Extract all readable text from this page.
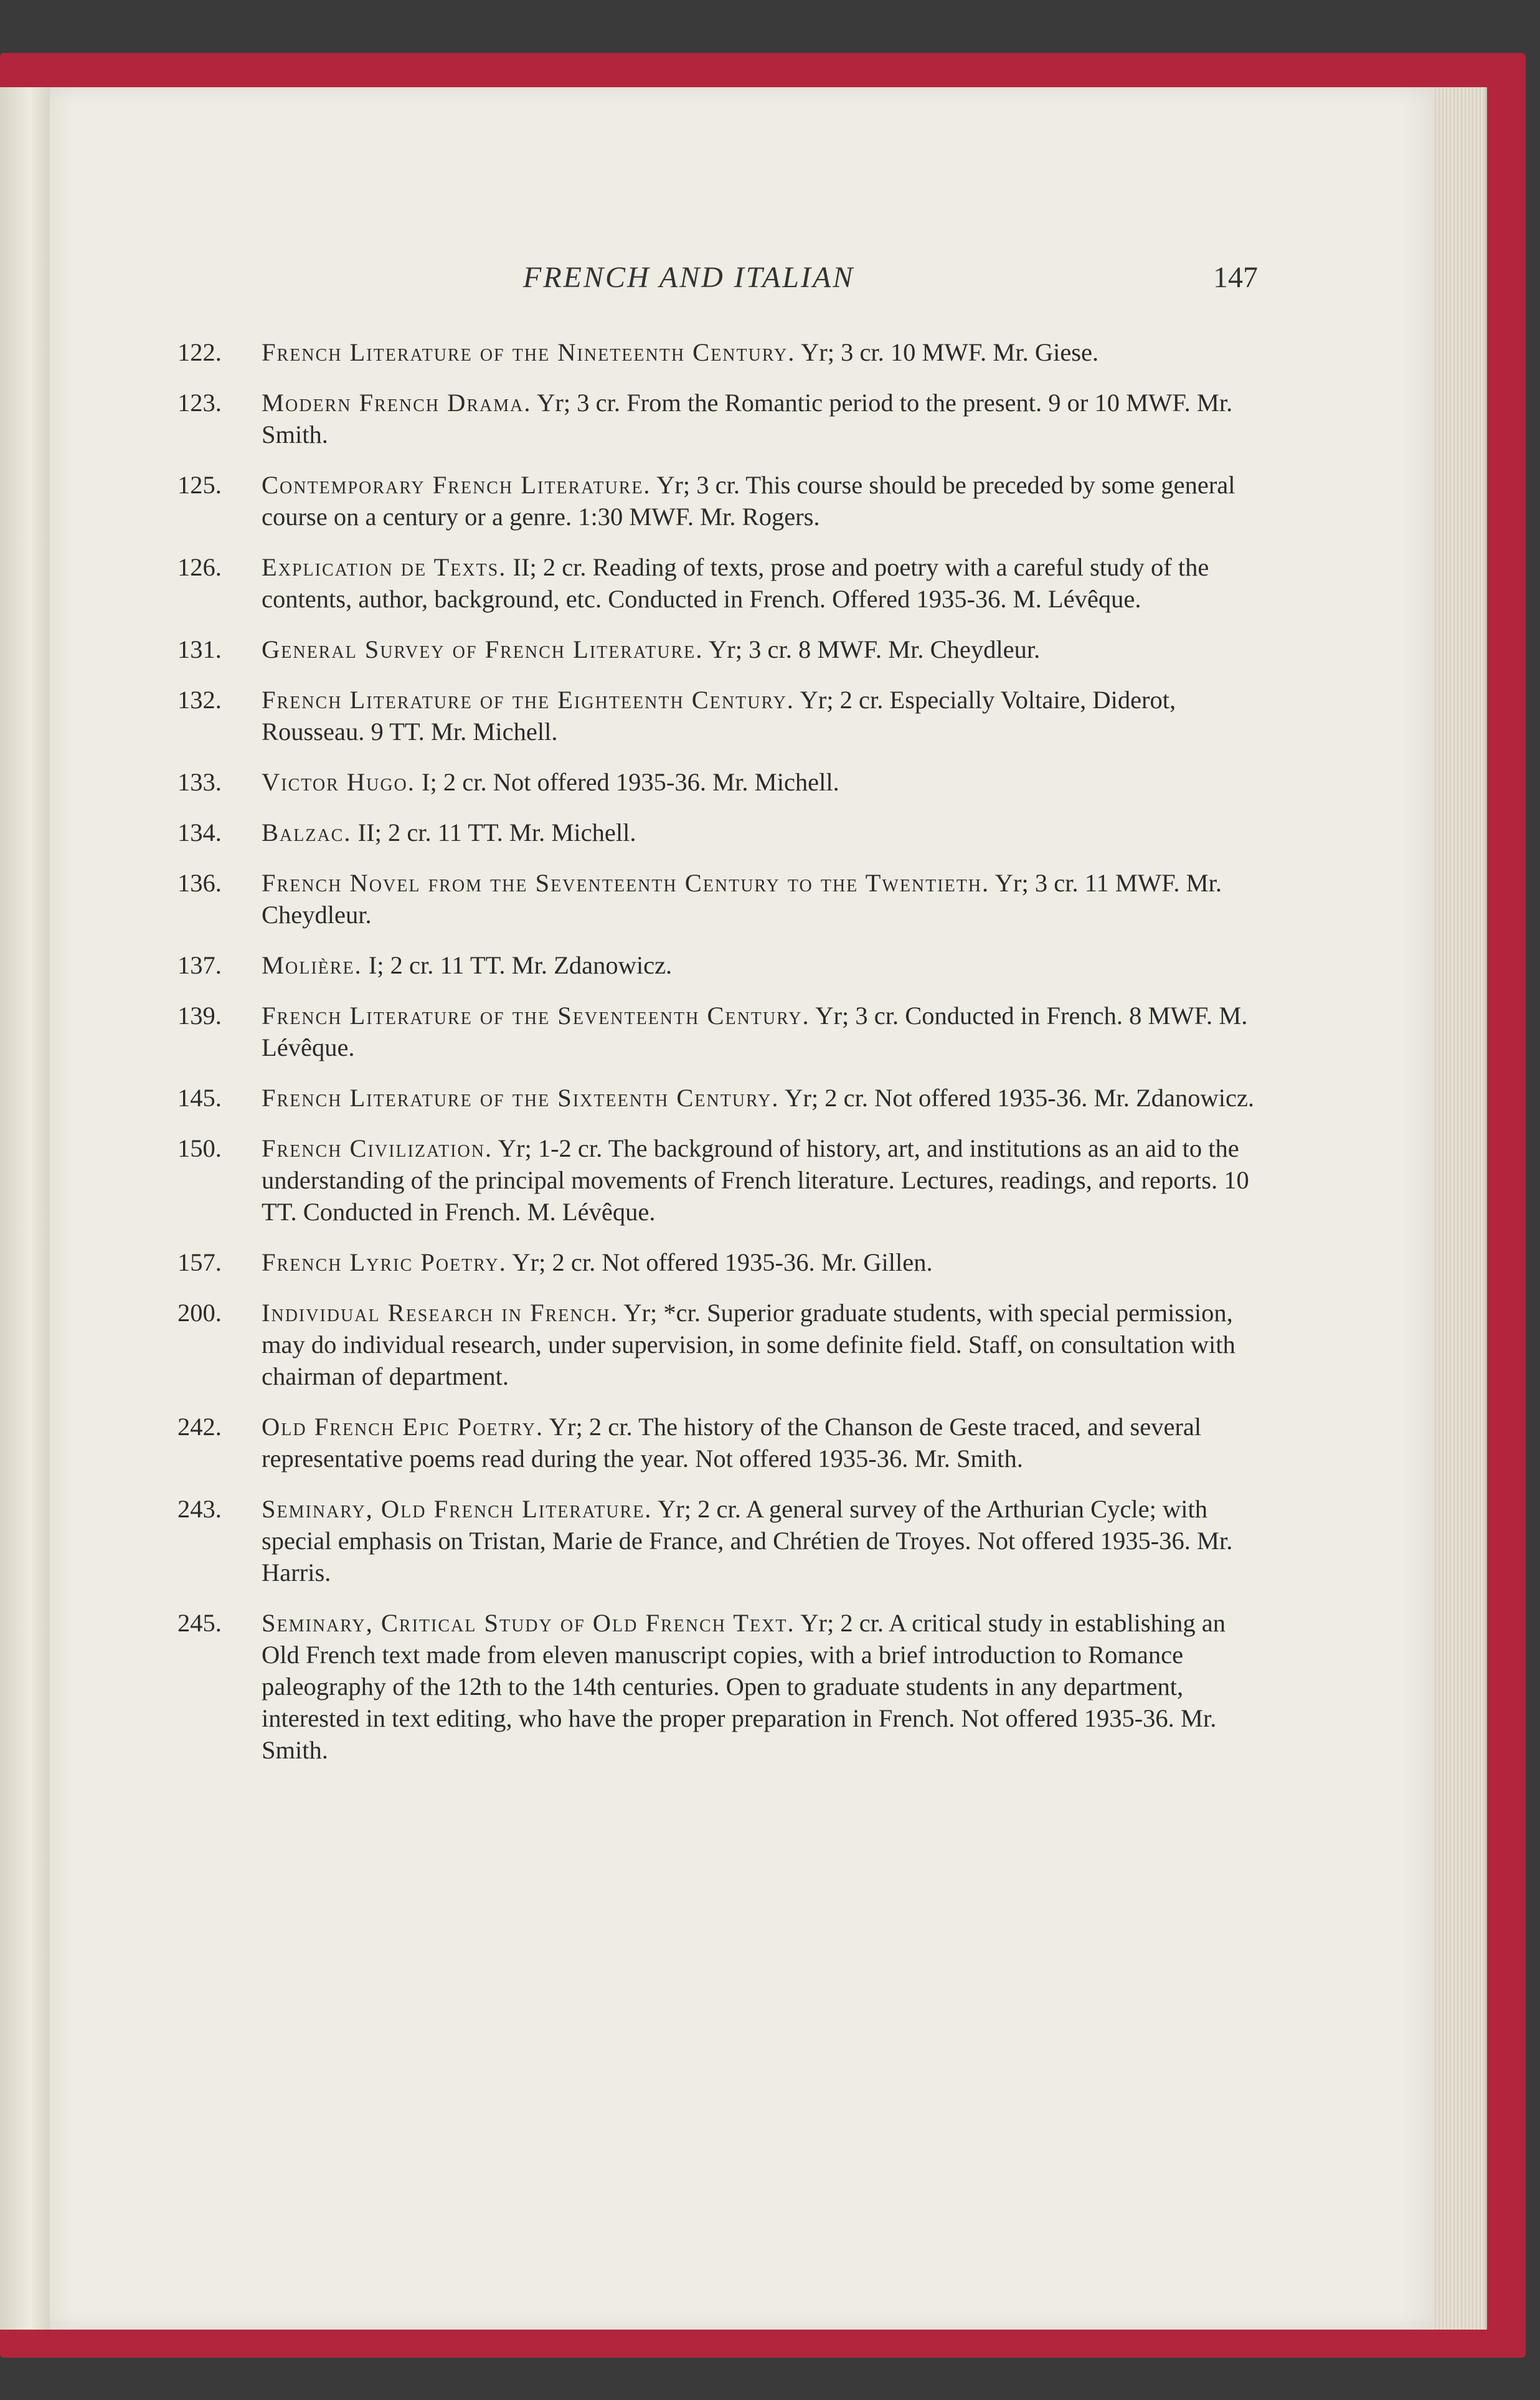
FRENCH AND ITALIAN	147
122. French Literature of the Nineteenth Century. Yr; 3 cr. 10 MWF. Mr. Giese.
123. Modern French Drama. Yr; 3 cr. From the Romantic period to the present. 9 or 10 MWF. Mr. Smith.
125. Contemporary French Literature. Yr; 3 cr. This course should be preceded by some general course on a century or a genre. 1:30 MWF. Mr. Rogers.
126. Explication de Texts. II; 2 cr. Reading of texts, prose and poetry with a careful study of the contents, author, background, etc. Conducted in French. Offered 1935-36. M. Lévêque.
131. General Survey of French Literature. Yr; 3 cr. 8 MWF. Mr. Cheydleur.
132. French Literature of the Eighteenth Century. Yr; 2 cr. Especially Voltaire, Diderot, Rousseau. 9 TT. Mr. Michell.
133. Victor Hugo. I; 2 cr. Not offered 1935-36. Mr. Michell.
134. Balzac. II; 2 cr. 11 TT. Mr. Michell.
136. French Novel from the Seventeenth Century to the Twentieth. Yr; 3 cr. 11 MWF. Mr. Cheydleur.
137. Molière. I; 2 cr. 11 TT. Mr. Zdanowicz.
139. French Literature of the Seventeenth Century. Yr; 3 cr. Conducted in French. 8 MWF. M. Lévêque.
145. French Literature of the Sixteenth Century. Yr; 2 cr. Not offered 1935-36. Mr. Zdanowicz.
150. French Civilization. Yr; 1-2 cr. The background of history, art, and institutions as an aid to the understanding of the principal movements of French literature. Lectures, readings, and reports. 10 TT. Conducted in French. M. Lévêque.
157. French Lyric Poetry. Yr; 2 cr. Not offered 1935-36. Mr. Gillen.
200. Individual Research in French. Yr; *cr. Superior graduate students, with special permission, may do individual research, under supervision, in some definite field. Staff, on consultation with chairman of department.
242. Old French Epic Poetry. Yr; 2 cr. The history of the Chanson de Geste traced, and several representative poems read during the year. Not offered 1935-36. Mr. Smith.
243. Seminary, Old French Literature. Yr; 2 cr. A general survey of the Arthurian Cycle; with special emphasis on Tristan, Marie de France, and Chrétien de Troyes. Not offered 1935-36. Mr. Harris.
245. Seminary, Critical Study of Old French Text. Yr; 2 cr. A critical study in establishing an Old French text made from eleven manuscript copies, with a brief introduction to Romance paleography of the 12th to the 14th centuries. Open to graduate students in any department, interested in text editing, who have the proper preparation in French. Not offered 1935-36. Mr. Smith.
